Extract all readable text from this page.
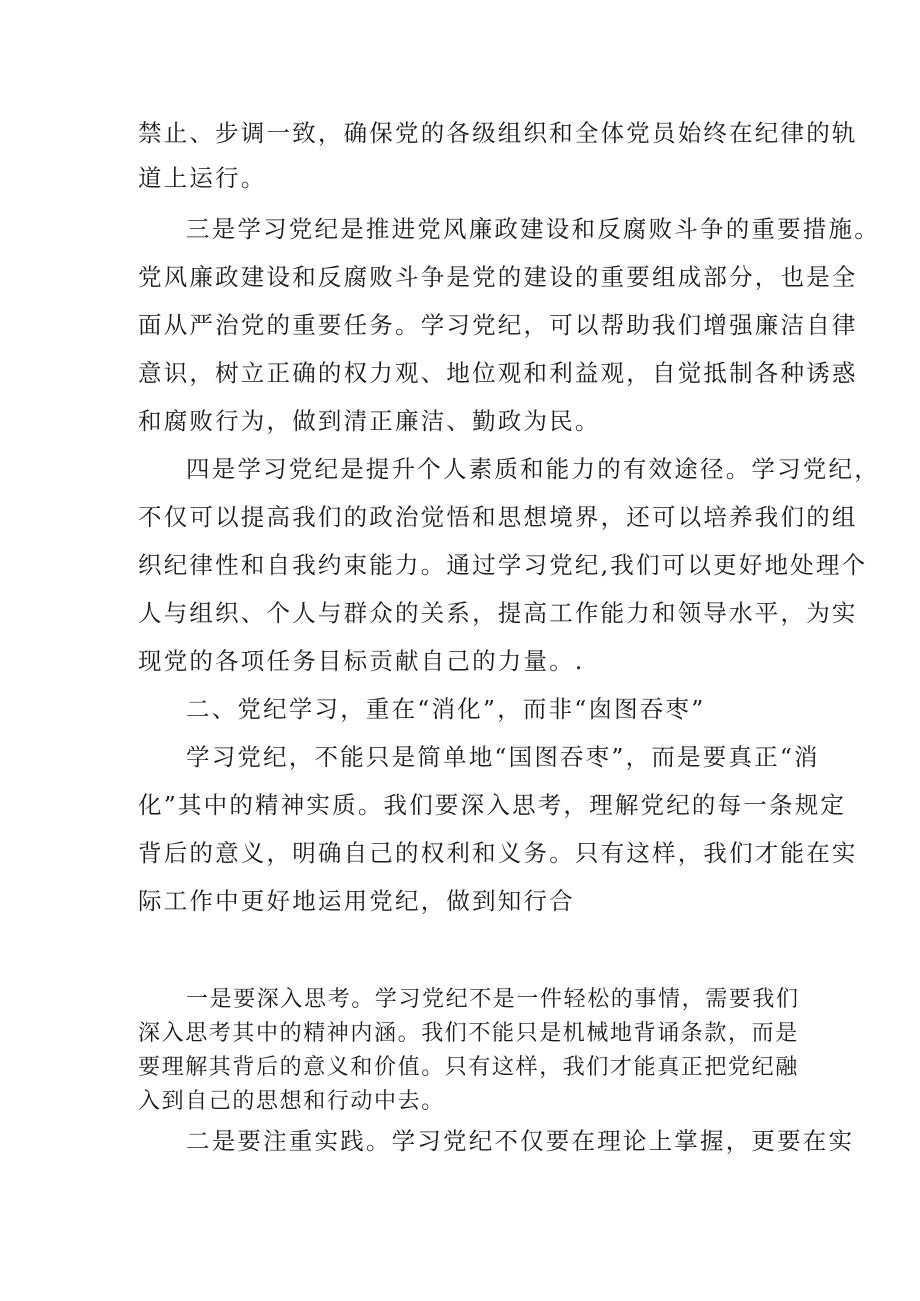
禁止、步调一致，确保党的各级组织和全体党员始终在纪律的轨
道上运行。
三是学习党纪是推进党风廉政建设和反腐败斗争的重要措施。
党风廉政建设和反腐败斗争是党的建设的重要组成部分，也是全
面从严治党的重要任务。学习党纪，可以帮助我们增强廉洁自律
意识，树立正确的权力观、地位观和利益观，自觉抵制各种诱惑
和腐败行为，做到清正廉洁、勤政为民。
四是学习党纪是提升个人素质和能力的有效途径。学习党纪，
不仅可以提高我们的政治觉悟和思想境界，还可以培养我们的组
织纪律性和自我约束能力。通过学习党纪,我们可以更好地处理个
人与组织、个人与群众的关系，提高工作能力和领导水平，为实
现党的各项任务目标贡献自己的力量。.
二、党纪学习，重在“消化”，而非“囱图吞枣”
学习党纪，不能只是简单地“国图吞枣”，而是要真正“消
化”其中的精神实质。我们要深入思考，理解党纪的每一条规定
背后的意义，明确自己的权利和义务。只有这样，我们才能在实
际工作中更好地运用党纪，做到知行合
一是要深入思考。学习党纪不是一件轻松的事情，需要我们
深入思考其中的精神内涵。我们不能只是机械地背诵条款，而是
要理解其背后的意义和价值。只有这样，我们才能真正把党纪融
入到自己的思想和行动中去。
二是要注重实践。学习党纪不仅要在理论上掌握，更要在实
